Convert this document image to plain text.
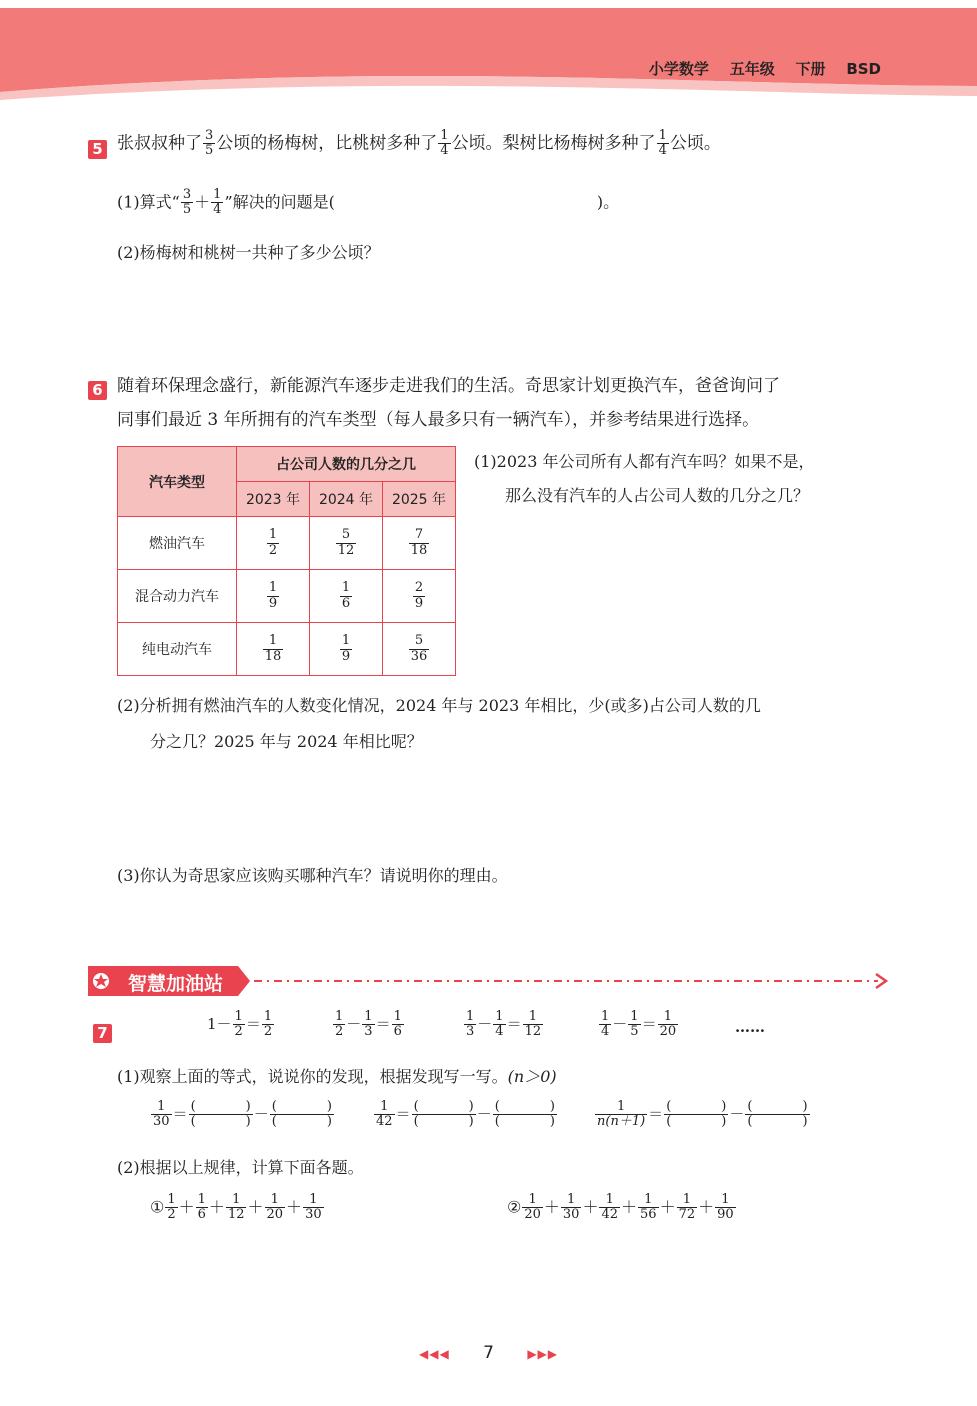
小学数学 五年级 下册 BSD
5 张叔叔种了 $\frac{3}{5}$ 公顷的杨梅树，比桃树多种了 $\frac{1}{4}$ 公顷。梨树比杨梅树多种了 $\frac{1}{4}$ 公顷。
(1)算式“ $\frac{3}{5} + \frac{1}{4}$ ”解决的问题是(	)。
(2)杨梅树和桃树一共种了多少公顷？
6 随着环保理念盛行，新能源汽车逐步走进我们的生活。奇思家计划更换汽车，爸爸询问了
同事们最近 3 年所拥有的汽车类型（每人最多只有一辆汽车），并参考结果进行选择。
汽车类型	占公司人数的几分之几		
	2023 年	2024 年	2025 年
燃油汽车	$\frac{1}{2}$	$\frac{5}{12}$	$\frac{7}{18}$

混合动力汽车	$\frac{1}{9}$	$\frac{1}{6}$	$\frac{2}{9}$

纯电动汽车	$\frac{1}{18}$	$\frac{1}{9}$	$\frac{5}{36}$
(1)2023 年公司所有人都有汽车吗？如果不是，
那么没有汽车的人占公司人数的几分之几？
(2)分析拥有燃油汽车的人数变化情况，2024 年与 2023 年相比，少(或多)占公司人数的几
分之几？2025 年与 2024 年相比呢？
(3)你认为奇思家应该购买哪种汽车？请说明你的理由。
智慧加油站
7
$1- \frac{1}{2} = \frac{1}{2}$	$\frac{1}{2} - \frac{1}{3} = \frac{1}{6}$	$\frac{1}{3} - \frac{1}{4} = \frac{1}{12}$	$\frac{1}{4} - \frac{1}{5} = \frac{1}{20}$	……
(1)观察上面的等式，说说你的发现，根据发现写一写。(n＞0)
$\frac{1}{30}$ ＝ (	)
(	) － (	)
(	)	$\frac{1}{42}$ ＝ (	)
(	) － (	)
(	)	$\frac{1}{n(n+1)}$ ＝ (	)
(	) － (	)
(	)
(2)根据以上规律，计算下面各题。
① $\frac{1}{2} + \frac{1}{6} + \frac{1}{12} + \frac{1}{20} + \frac{1}{30}$	② $\frac{1}{20} + \frac{1}{30} + \frac{1}{42} + \frac{1}{56} + \frac{1}{72} + \frac{1}{90}$
◀◀◀ 7	▶▶▶
